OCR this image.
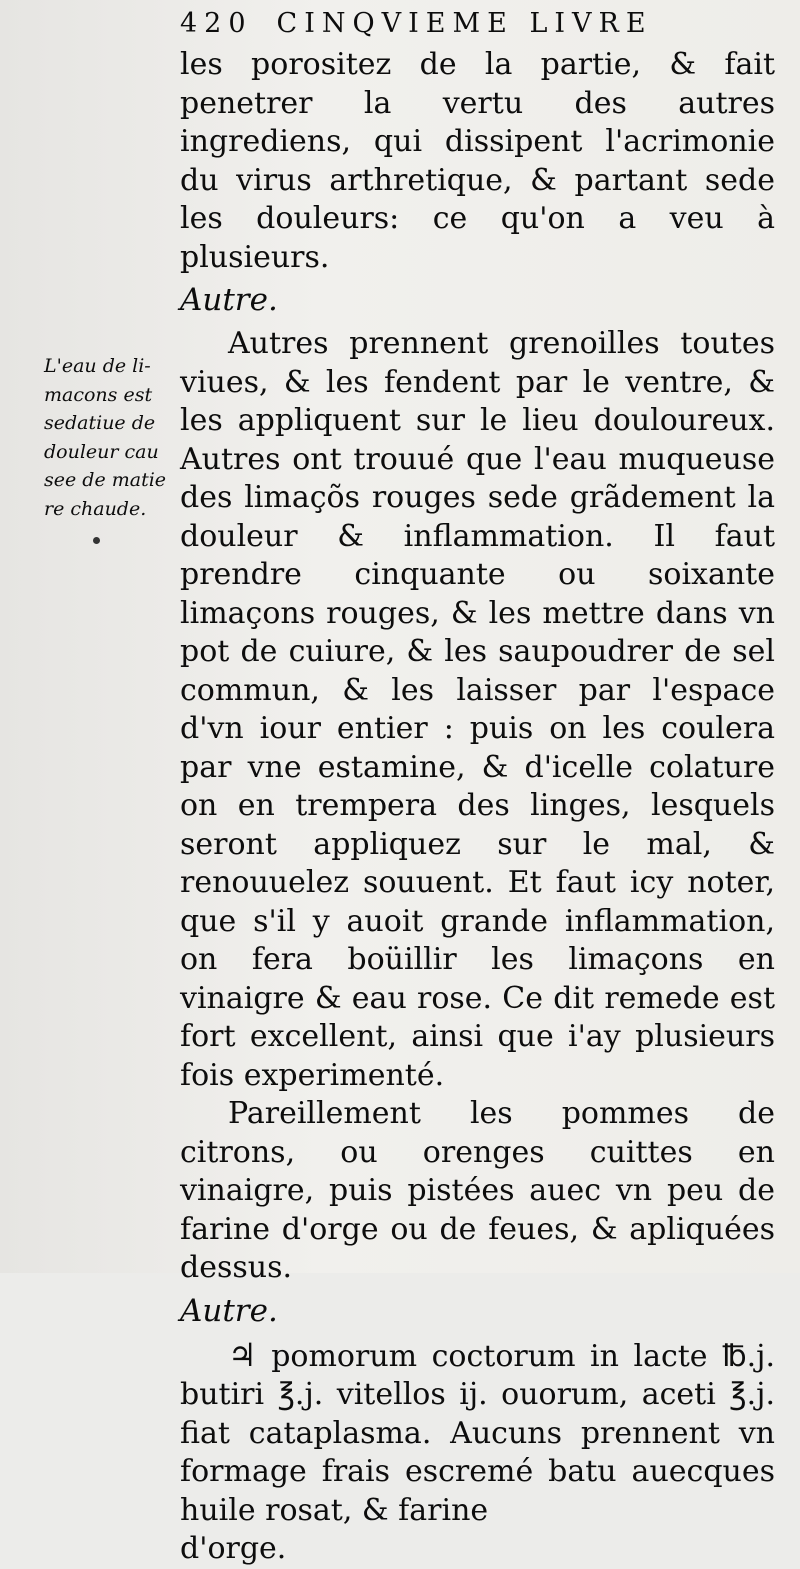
420 CINQVIEME LIVRE

les porositez de la partie, & fait penetrer la vertu des autres ingrediens, qui dissipent l'acrimonie du virus arthretique, & partant sede les douleurs: ce qu'on a veu à plusieurs.

Autre.

Autres prennent grenoilles toutes viues, & les fendent par le ventre, & les appliquent sur le lieu douloureux. Autres ont trouué que l'eau muqueuse des limaçõs rouges sede grãdement la douleur & inflammation. Il faut prendre cinquante ou soixante limaçons rouges, & les mettre dans vn pot de cuiure, & les saupoudrer de sel commun, & les laisser par l'espace d'vn iour entier : puis on les coulera par vne estamine, & d'icelle colature on en trempera des linges, lesquels seront appliquez sur le mal, & renouuelez souuent. Et faut icy noter, que s'il y auoit grande inflammation, on fera boüillir les limaçons en vinaigre & eau rose. Ce dit remede est fort excellent, ainsi que i'ay plusieurs fois experimenté.

Pareillement les pommes de citrons, ou orenges cuittes en vinaigre, puis pistées auec vn peu de farine d'orge ou de feues, & apliquées dessus.

Autre.

♃ pomorum coctorum in lacte ℔.j. butiri ℥.j. vitellos ij. ouorum, aceti ℥.j. fiat cataplasma. Aucuns prennent vn formage frais escremé batu auecques huile rosat, & farine

d'orge.

L'eau de li-
macons est
sedatiue de
douleur cau
see de matie
re chaude.
